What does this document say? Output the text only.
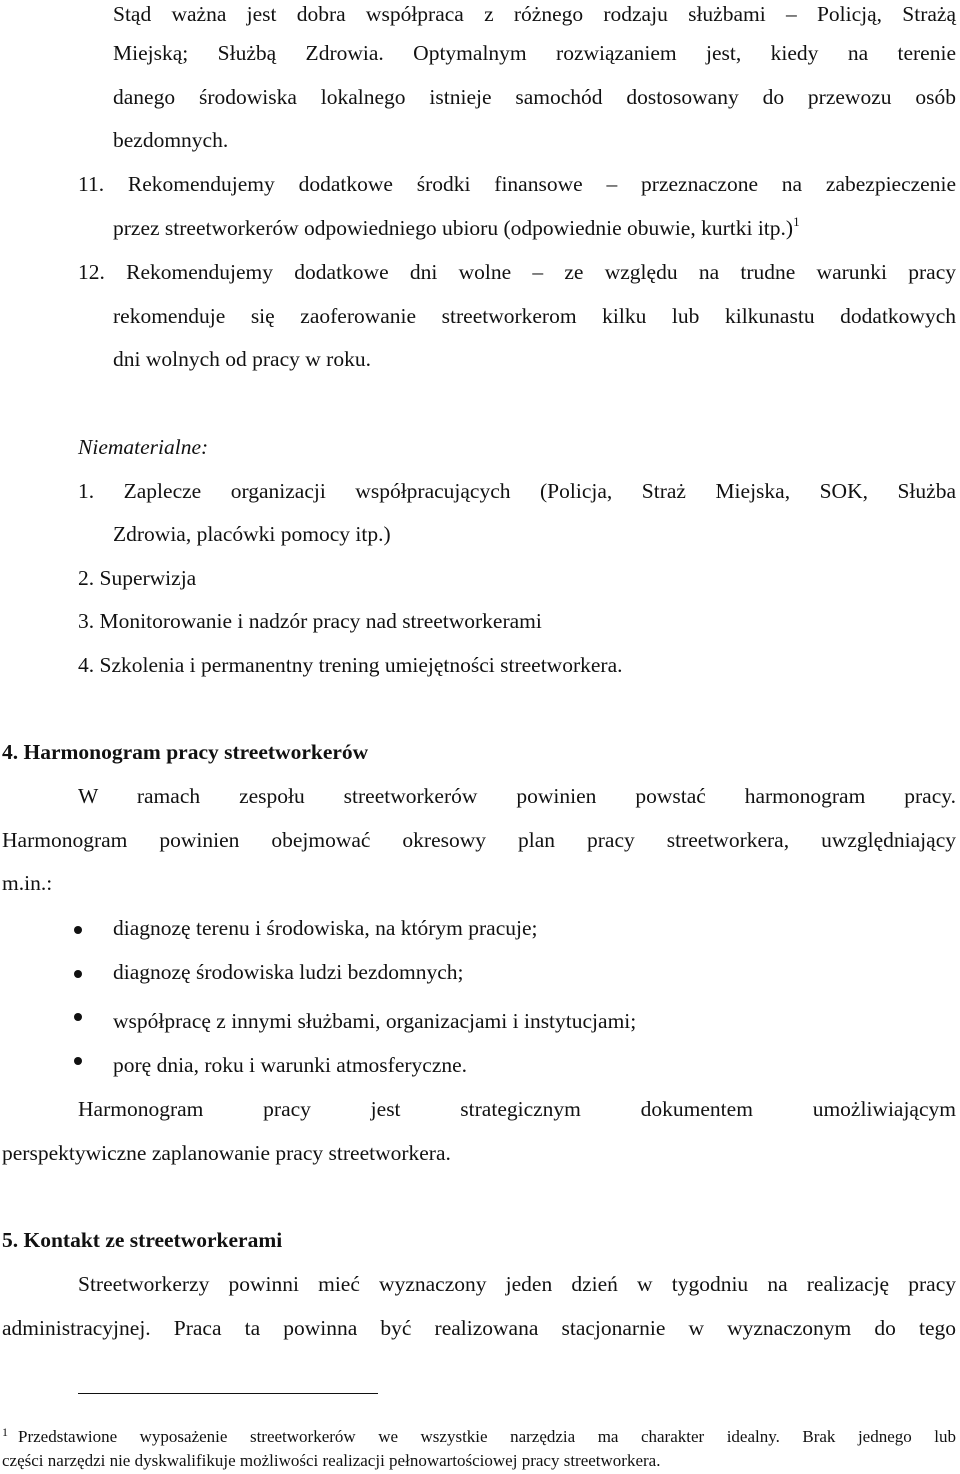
Stąd ważna jest dobra współpraca z różnego rodzaju służbami – Policją, Strażą
Miejską; Służbą Zdrowia. Optymalnym rozwiązaniem jest, kiedy na terenie
danego środowiska lokalnego istnieje samochód dostosowany do przewozu osób
bezdomnych.
11. Rekomendujemy dodatkowe środki finansowe – przeznaczone na zabezpieczenie
przez streetworkerów odpowiedniego ubioru (odpowiednie obuwie, kurtki itp.)$^1$
12. Rekomendujemy dodatkowe dni wolne – ze względu na trudne warunki pracy
rekomenduje się zaoferowanie streetworkerom kilku lub kilkunastu dodatkowych
dni wolnych od pracy w roku.
Niematerialne:
1. Zaplecze organizacji współpracujących (Policja, Straż Miejska, SOK, Służba
Zdrowia, placówki pomocy itp.)
2. Superwizja
3. Monitorowanie i nadzór pracy nad streetworkerami
4. Szkolenia i permanentny trening umiejętności streetworkera.
4. Harmonogram pracy streetworkerów
W ramach zespołu streetworkerów powinien powstać harmonogram pracy.
Harmonogram powinien obejmować okresowy plan pracy streetworkera, uwzględniający
m.in.:
diagnozę terenu i środowiska, na którym pracuje;
diagnozę środowiska ludzi bezdomnych;
współpracę z innymi służbami, organizacjami i instytucjami;
porę dnia, roku i warunki atmosferyczne.
Harmonogram pracy jest strategicznym dokumentem umożliwiającym
perspektywiczne zaplanowanie pracy streetworkera.
5. Kontakt ze streetworkerami
Streetworkerzy powinni mieć wyznaczony jeden dzień w tygodniu na realizację pracy
administracyjnej. Praca ta powinna być realizowana stacjonarnie w wyznaczonym do tego
1 Przedstawione wyposażenie streetworkerów we wszystkie narzędzia ma charakter idealny. Brak jednego lub
części narzędzi nie dyskwalifikuje możliwości realizacji pełnowartościowej pracy streetworkera.
